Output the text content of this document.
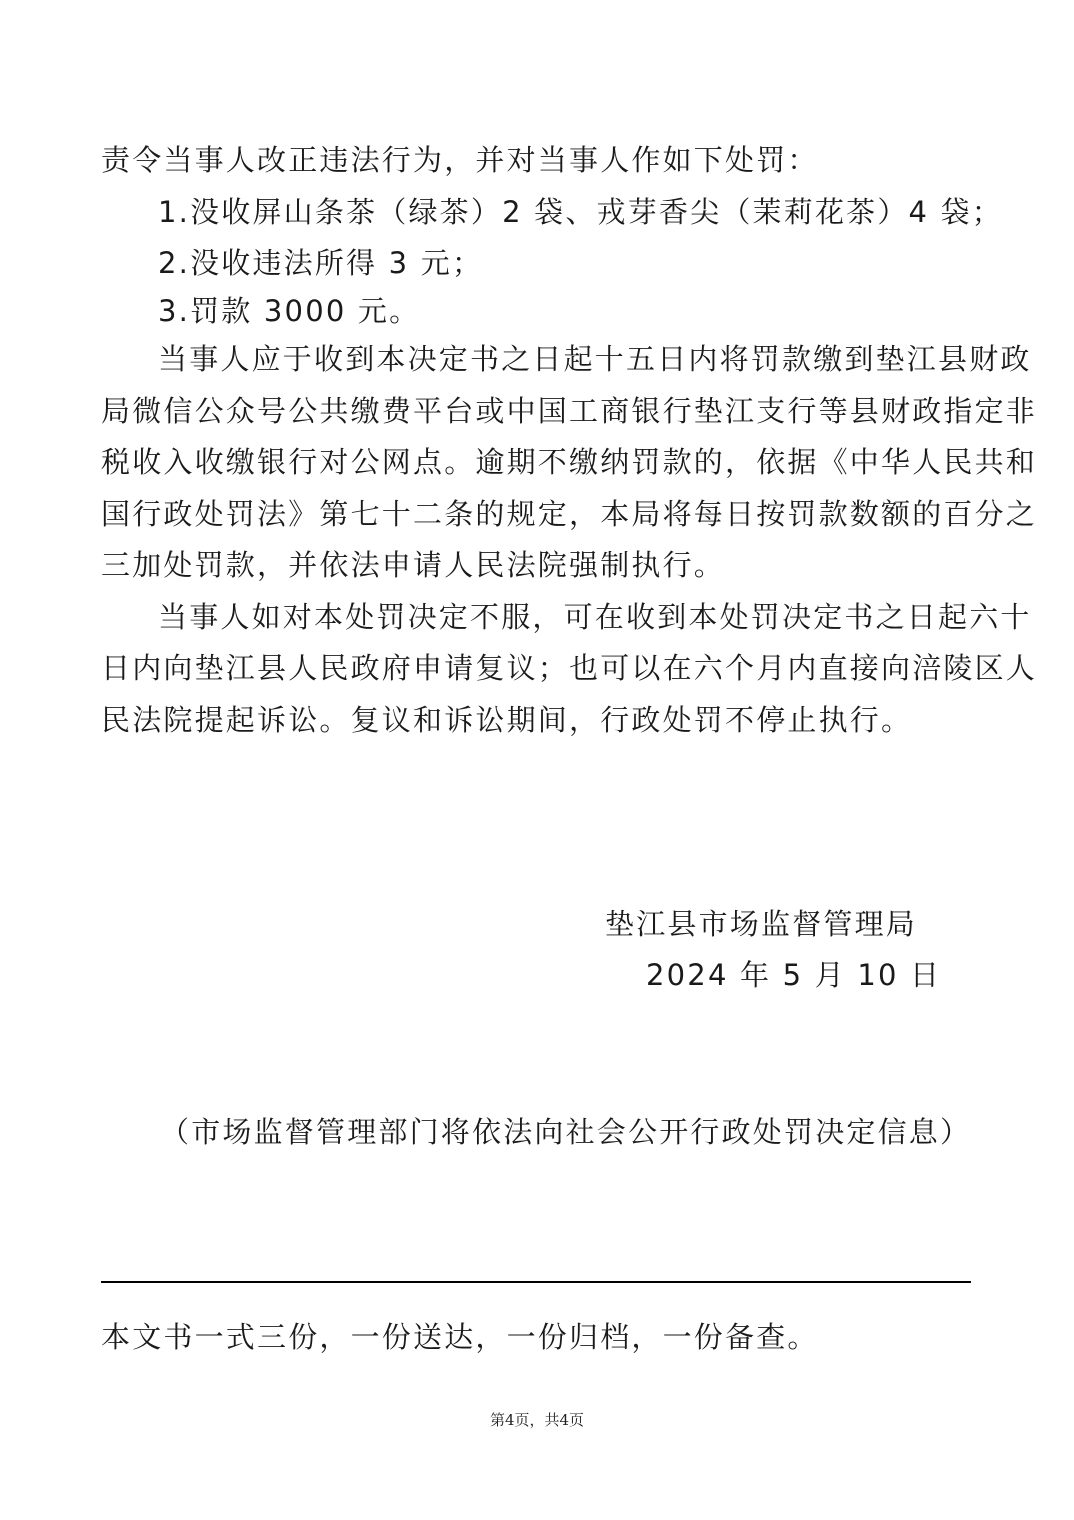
责令当事人改正违法行为，并对当事人作如下处罚：
1.没收屏山条茶（绿茶）2 袋、戎芽香尖（茉莉花茶）4 袋；
2.没收违法所得 3 元；
3.罚款 3000 元。
当事人应于收到本决定书之日起十五日内将罚款缴到垫江县财政
局微信公众号公共缴费平台或中国工商银行垫江支行等县财政指定非
税收入收缴银行对公网点。逾期不缴纳罚款的，依据《中华人民共和
国行政处罚法》第七十二条的规定，本局将每日按罚款数额的百分之
三加处罚款，并依法申请人民法院强制执行。
当事人如对本处罚决定不服，可在收到本处罚决定书之日起六十
日内向垫江县人民政府申请复议；也可以在六个月内直接向涪陵区人
民法院提起诉讼。复议和诉讼期间，行政处罚不停止执行。
垫江县市场监督管理局
2024 年 5 月 10 日
（市场监督管理部门将依法向社会公开行政处罚决定信息）
本文书一式三份，一份送达，一份归档，一份备查。
第4页，共4页
